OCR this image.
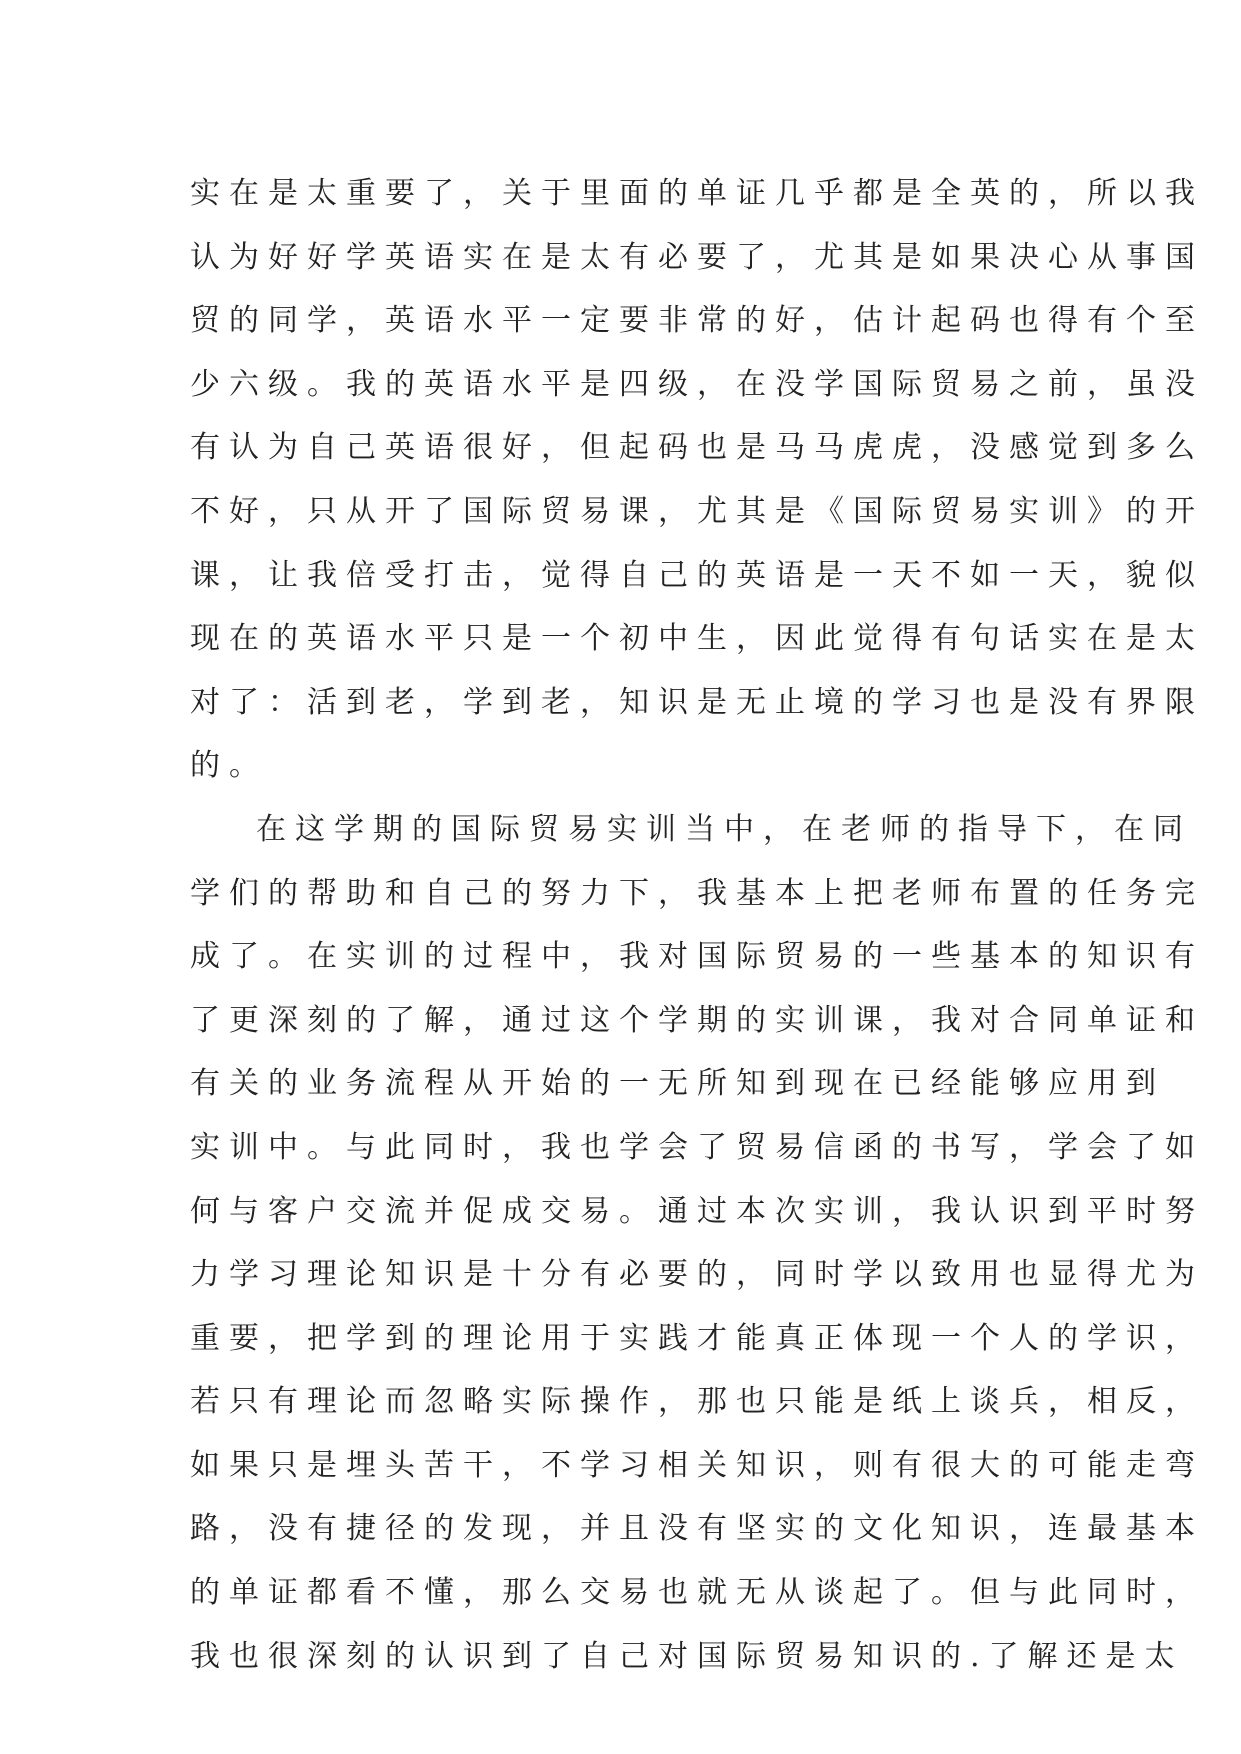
实在是太重要了，关于里面的单证几乎都是全英的，所以我
认为好好学英语实在是太有必要了，尤其是如果决心从事国
贸的同学，英语水平一定要非常的好，估计起码也得有个至
少六级。我的英语水平是四级，在没学国际贸易之前，虽没
有认为自己英语很好，但起码也是马马虎虎，没感觉到多么
不好，只从开了国际贸易课，尤其是《国际贸易实训》的开
课，让我倍受打击，觉得自己的英语是一天不如一天，貌似
现在的英语水平只是一个初中生，因此觉得有句话实在是太
对了：活到老，学到老，知识是无止境的学习也是没有界限
的。
在这学期的国际贸易实训当中，在老师的指导下，在同
学们的帮助和自己的努力下，我基本上把老师布置的任务完
成了。在实训的过程中，我对国际贸易的一些基本的知识有
了更深刻的了解，通过这个学期的实训课，我对合同单证和
有关的业务流程从开始的一无所知到现在已经能够应用到
实训中。与此同时，我也学会了贸易信函的书写，学会了如
何与客户交流并促成交易。通过本次实训，我认识到平时努
力学习理论知识是十分有必要的，同时学以致用也显得尤为
重要，把学到的理论用于实践才能真正体现一个人的学识，
若只有理论而忽略实际操作，那也只能是纸上谈兵，相反，
如果只是埋头苦干，不学习相关知识，则有很大的可能走弯
路，没有捷径的发现，并且没有坚实的文化知识，连最基本
的单证都看不懂，那么交易也就无从谈起了。但与此同时，
我也很深刻的认识到了自己对国际贸易知识的.了解还是太
